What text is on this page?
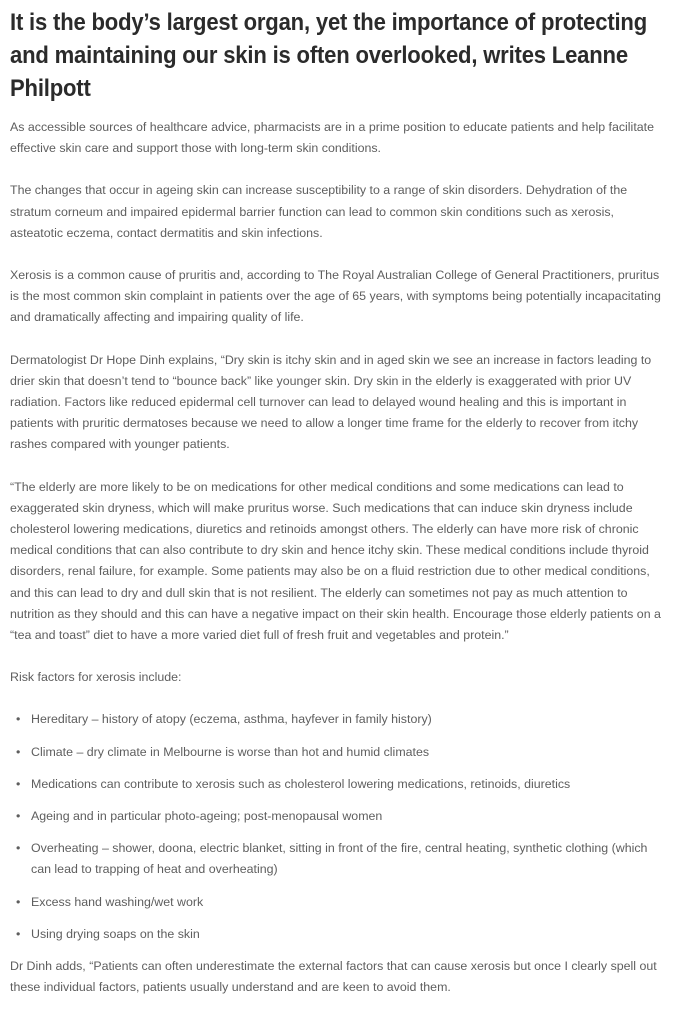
It is the body’s largest organ, yet the importance of protecting and maintaining our skin is often overlooked, writes Leanne Philpott

As accessible sources of healthcare advice, pharmacists are in a prime position to educate patients and help facilitate effective skin care and support those with long-term skin conditions.

The changes that occur in ageing skin can increase susceptibility to a range of skin disorders. Dehydration of the stratum corneum and impaired epidermal barrier function can lead to common skin conditions such as xerosis, asteatotic eczema, contact dermatitis and skin infections.

Xerosis is a common cause of pruritis and, according to The Royal Australian College of General Practitioners, pruritus is the most common skin complaint in patients over the age of 65 years, with symptoms being potentially incapacitating and dramatically affecting and impairing quality of life.

Dermatologist Dr Hope Dinh explains, “Dry skin is itchy skin and in aged skin we see an increase in factors leading to drier skin that doesn’t tend to “bounce back” like younger skin. Dry skin in the elderly is exaggerated with prior UV radiation. Factors like reduced epidermal cell turnover can lead to delayed wound healing and this is important in patients with pruritic dermatoses because we need to allow a longer time frame for the elderly to recover from itchy rashes compared with younger patients.

“The elderly are more likely to be on medications for other medical conditions and some medications can lead to exaggerated skin dryness, which will make pruritus worse. Such medications that can induce skin dryness include cholesterol lowering medications, diuretics and retinoids amongst others. The elderly can have more risk of chronic medical conditions that can also contribute to dry skin and hence itchy skin. These medical conditions include thyroid disorders, renal failure, for example. Some patients may also be on a fluid restriction due to other medical conditions, and this can lead to dry and dull skin that is not resilient. The elderly can sometimes not pay as much attention to nutrition as they should and this can have a negative impact on their skin health. Encourage those elderly patients on a “tea and toast” diet to have a more varied diet full of fresh fruit and vegetables and protein.”

Risk factors for xerosis include:

• Hereditary – history of atopy (eczema, asthma, hayfever in family history)
• Climate – dry climate in Melbourne is worse than hot and humid climates
• Medications can contribute to xerosis such as cholesterol lowering medications, retinoids, diuretics
• Ageing and in particular photo-ageing; post-menopausal women
• Overheating – shower, doona, electric blanket, sitting in front of the fire, central heating, synthetic clothing (which can lead to trapping of heat and overheating)
• Excess hand washing/wet work
• Using drying soaps on the skin

Dr Dinh adds, “Patients can often underestimate the external factors that can cause xerosis but once I clearly spell out these individual factors, patients usually understand and are keen to avoid them.
